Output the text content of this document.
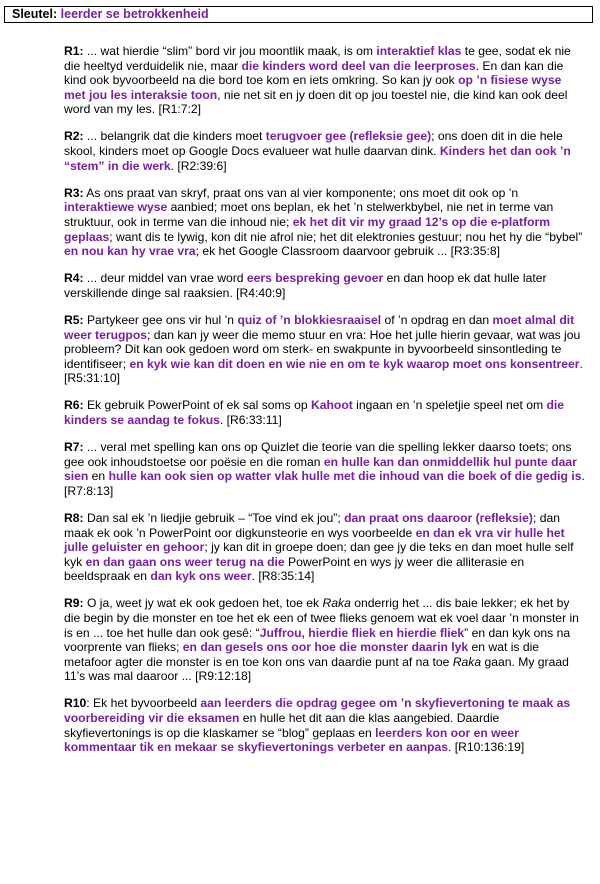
Sleutel: leerder se betrokkenheid

R1: ... wat hierdie “slim” bord vir jou moontlik maak, is om interaktief klas te gee, sodat ek nie die heeltyd verduidelik nie, maar die kinders word deel van die leerproses. En dan kan die kind ook byvoorbeeld na die bord toe kom en iets omkring. So kan jy ook op ’n fisiese wyse met jou les interaksie toon, nie net sit en jy doen dit op jou toestel nie, die kind kan ook deel word van my les. [R1:7:2]

R2: ... belangrik dat die kinders moet terugvoer gee (refleksie gee); ons doen dit in die hele skool, kinders moet op Google Docs evalueer wat hulle daarvan dink. Kinders het dan ook ’n “stem” in die werk. [R2:39:6]

R3: As ons praat van skryf, praat ons van al vier komponente; ons moet dit ook op ’n interaktiewe wyse aanbied; moet ons beplan, ek het ’n stelwerkbybel, nie net in terme van struktuur, ook in terme van die inhoud nie; ek het dit vir my graad 12’s op die e-platform geplaas; want dis te lywig, kon dit nie afrol nie; het dit elektronies gestuur; nou het hy die “bybel” en nou kan hy vrae vra; ek het Google Classroom daarvoor gebruik ... [R3:35:8]

R4: ... deur middel van vrae word eers bespreking gevoer en dan hoop ek dat hulle later verskillende dinge sal raaksien. [R4:40:9]

R5: Partykeer gee ons vir hul ’n quiz of ’n blokkiesraaisel of ’n opdrag en dan moet almal dit weer terugpos; dan kan jy weer die memo stuur en vra: Hoe het julle hierin gevaar, wat was jou probleem? Dit kan ook gedoen word om sterk- en swakpunte in byvoorbeeld sinsontleding te identifiseer; en kyk wie kan dit doen en wie nie en om te kyk waarop moet ons konsentreer. [R5:31:10]

R6: Ek gebruik PowerPoint of ek sal soms op Kahoot ingaan en ’n speletjie speel net om die kinders se aandag te fokus. [R6:33:11]

R7: ... veral met spelling kan ons op Quizlet die teorie van die spelling lekker daarso toets; ons gee ook inhoudstoetse oor poësie en die roman en hulle kan dan onmiddellik hul punte daar sien en hulle kan ook sien op watter vlak hulle met die inhoud van die boek of die gedig is. [R7:8:13]

R8: Dan sal ek ’n liedjie gebruik – “Toe vind ek jou”; dan praat ons daaroor (refleksie); dan maak ek ook ’n PowerPoint oor digkunsteorie en wys voorbeelde en dan ek vra vir hulle het julle geluister en gehoor; jy kan dit in groepe doen; dan gee jy die teks en dan moet hulle self kyk en dan gaan ons weer terug na die PowerPoint en wys jy weer die alliterasie en beeldspraak en dan kyk ons weer. [R8:35:14]

R9: O ja, weet jy wat ek ook gedoen het, toe ek Raka onderrig het ... dis baie lekker; ek het by die begin by die monster en toe het ek een of twee flieks genoem wat ek voel daar ’n monster in is en ... toe het hulle dan ook gesê: “Juffrou, hierdie fliek en hierdie fliek” en dan kyk ons na voorprente van flieks; en dan gesels ons oor hoe die monster daarin lyk en wat is die metafoor agter die monster is en toe kon ons van daardie punt af na toe Raka gaan. My graad 11’s was mal daaroor ... [R9:12:18]

R10: Ek het byvoorbeeld aan leerders die opdrag gegee om ’n skyfievertoning te maak as voorbereiding vir die eksamen en hulle het dit aan die klas aangebied. Daardie skyfievertonings is op die klaskamer se “blog” geplaas en leerders kon oor en weer kommentaar tik en mekaar se skyfievertonings verbeter en aanpas. [R10:136:19]
